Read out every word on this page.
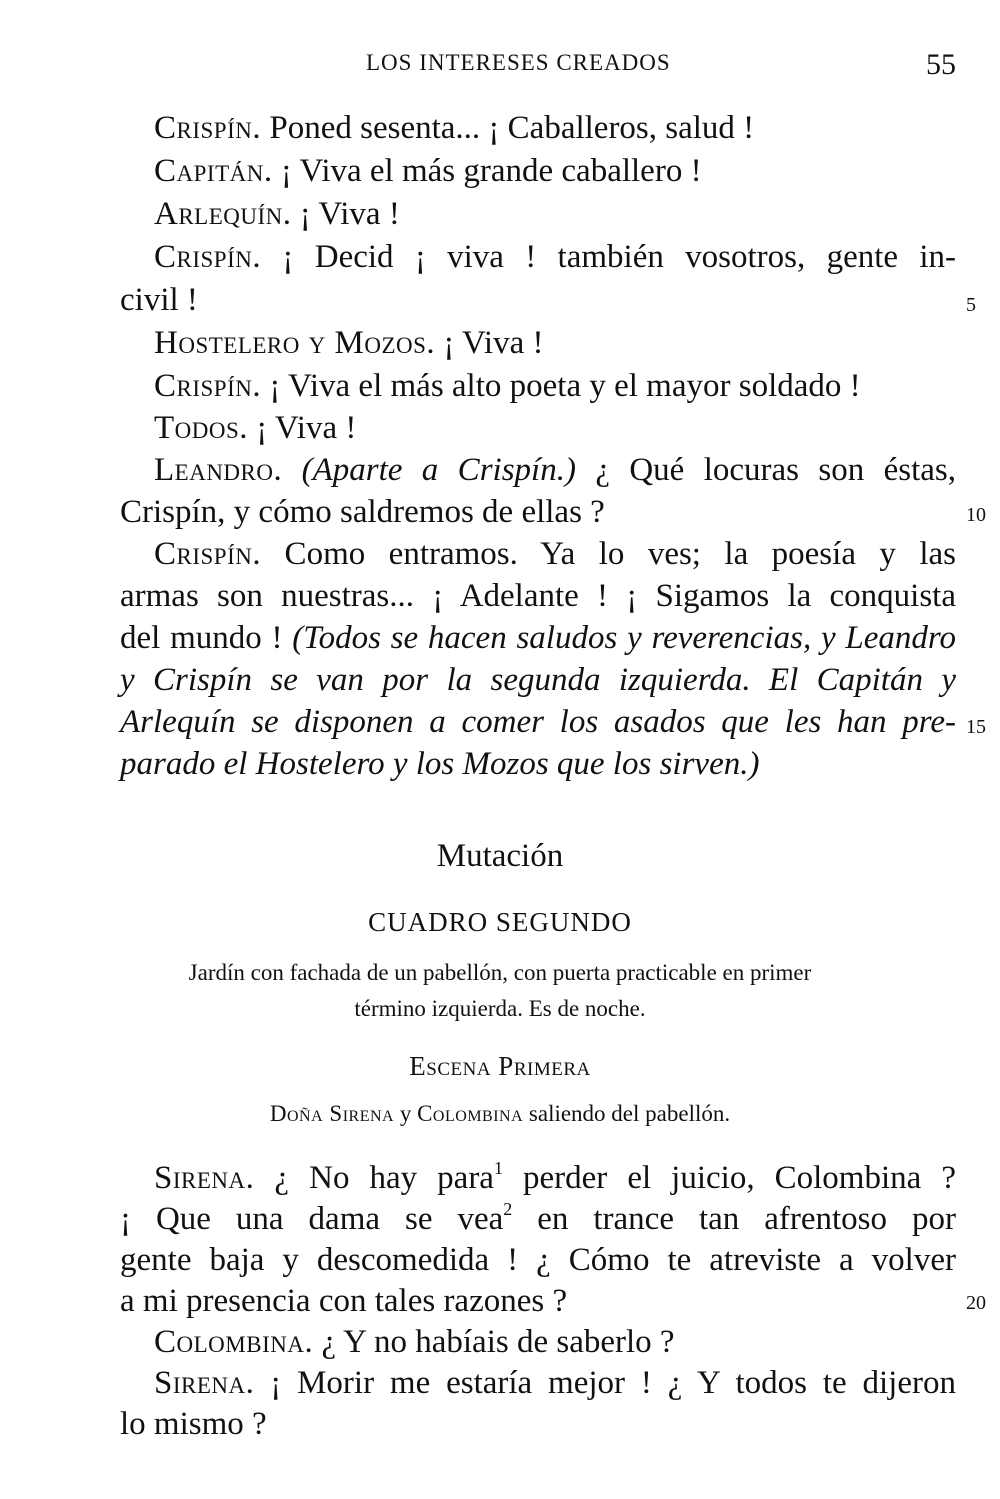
LOS INTERESES CREADOS	55
Crispín. Poned sesenta... ¡ Caballeros, salud !
Capitán. ¡ Viva el más grande caballero !
Arlequín. ¡ Viva !
Crispín. ¡ Decid ¡ viva ! también vosotros, gente in-
civil !	5
Hostelero y Mozos. ¡ Viva !
Crispín. ¡ Viva el más alto poeta y el mayor soldado !
Todos. ¡ Viva !
Leandro. (Aparte a Crispín.) ¿ Qué locuras son éstas,
Crispín, y cómo saldremos de ellas ?	10
Crispín. Como entramos. Ya lo ves; la poesía y las
armas son nuestras... ¡ Adelante ! ¡ Sigamos la conquista
del mundo ! (Todos se hacen saludos y reverencias, y Leandro
y Crispín se van por la segunda izquierda. El Capitán y
Arlequín se disponen a comer los asados que les han pre- 15
parado el Hostelero y los Mozos que los sirven.)
Mutación
CUADRO SEGUNDO
Jardín con fachada de un pabellón, con puerta practicable en primer
término izquierda. Es de noche.
Escena Primera
Doña Sirena y Colombina saliendo del pabellón.
Sirena. ¿ No hay para$^1$ perder el juicio, Colombina ?
¡ Que una dama se vea$^2$ en trance tan afrentoso por
gente baja y descomedida ! ¿ Cómo te atreviste a volver
a mi presencia con tales razones ?	20
Colombina. ¿ Y no habíais de saberlo ?
Sirena. ¡ Morir me estaría mejor ! ¿ Y todos te dijeron
lo mismo ?
